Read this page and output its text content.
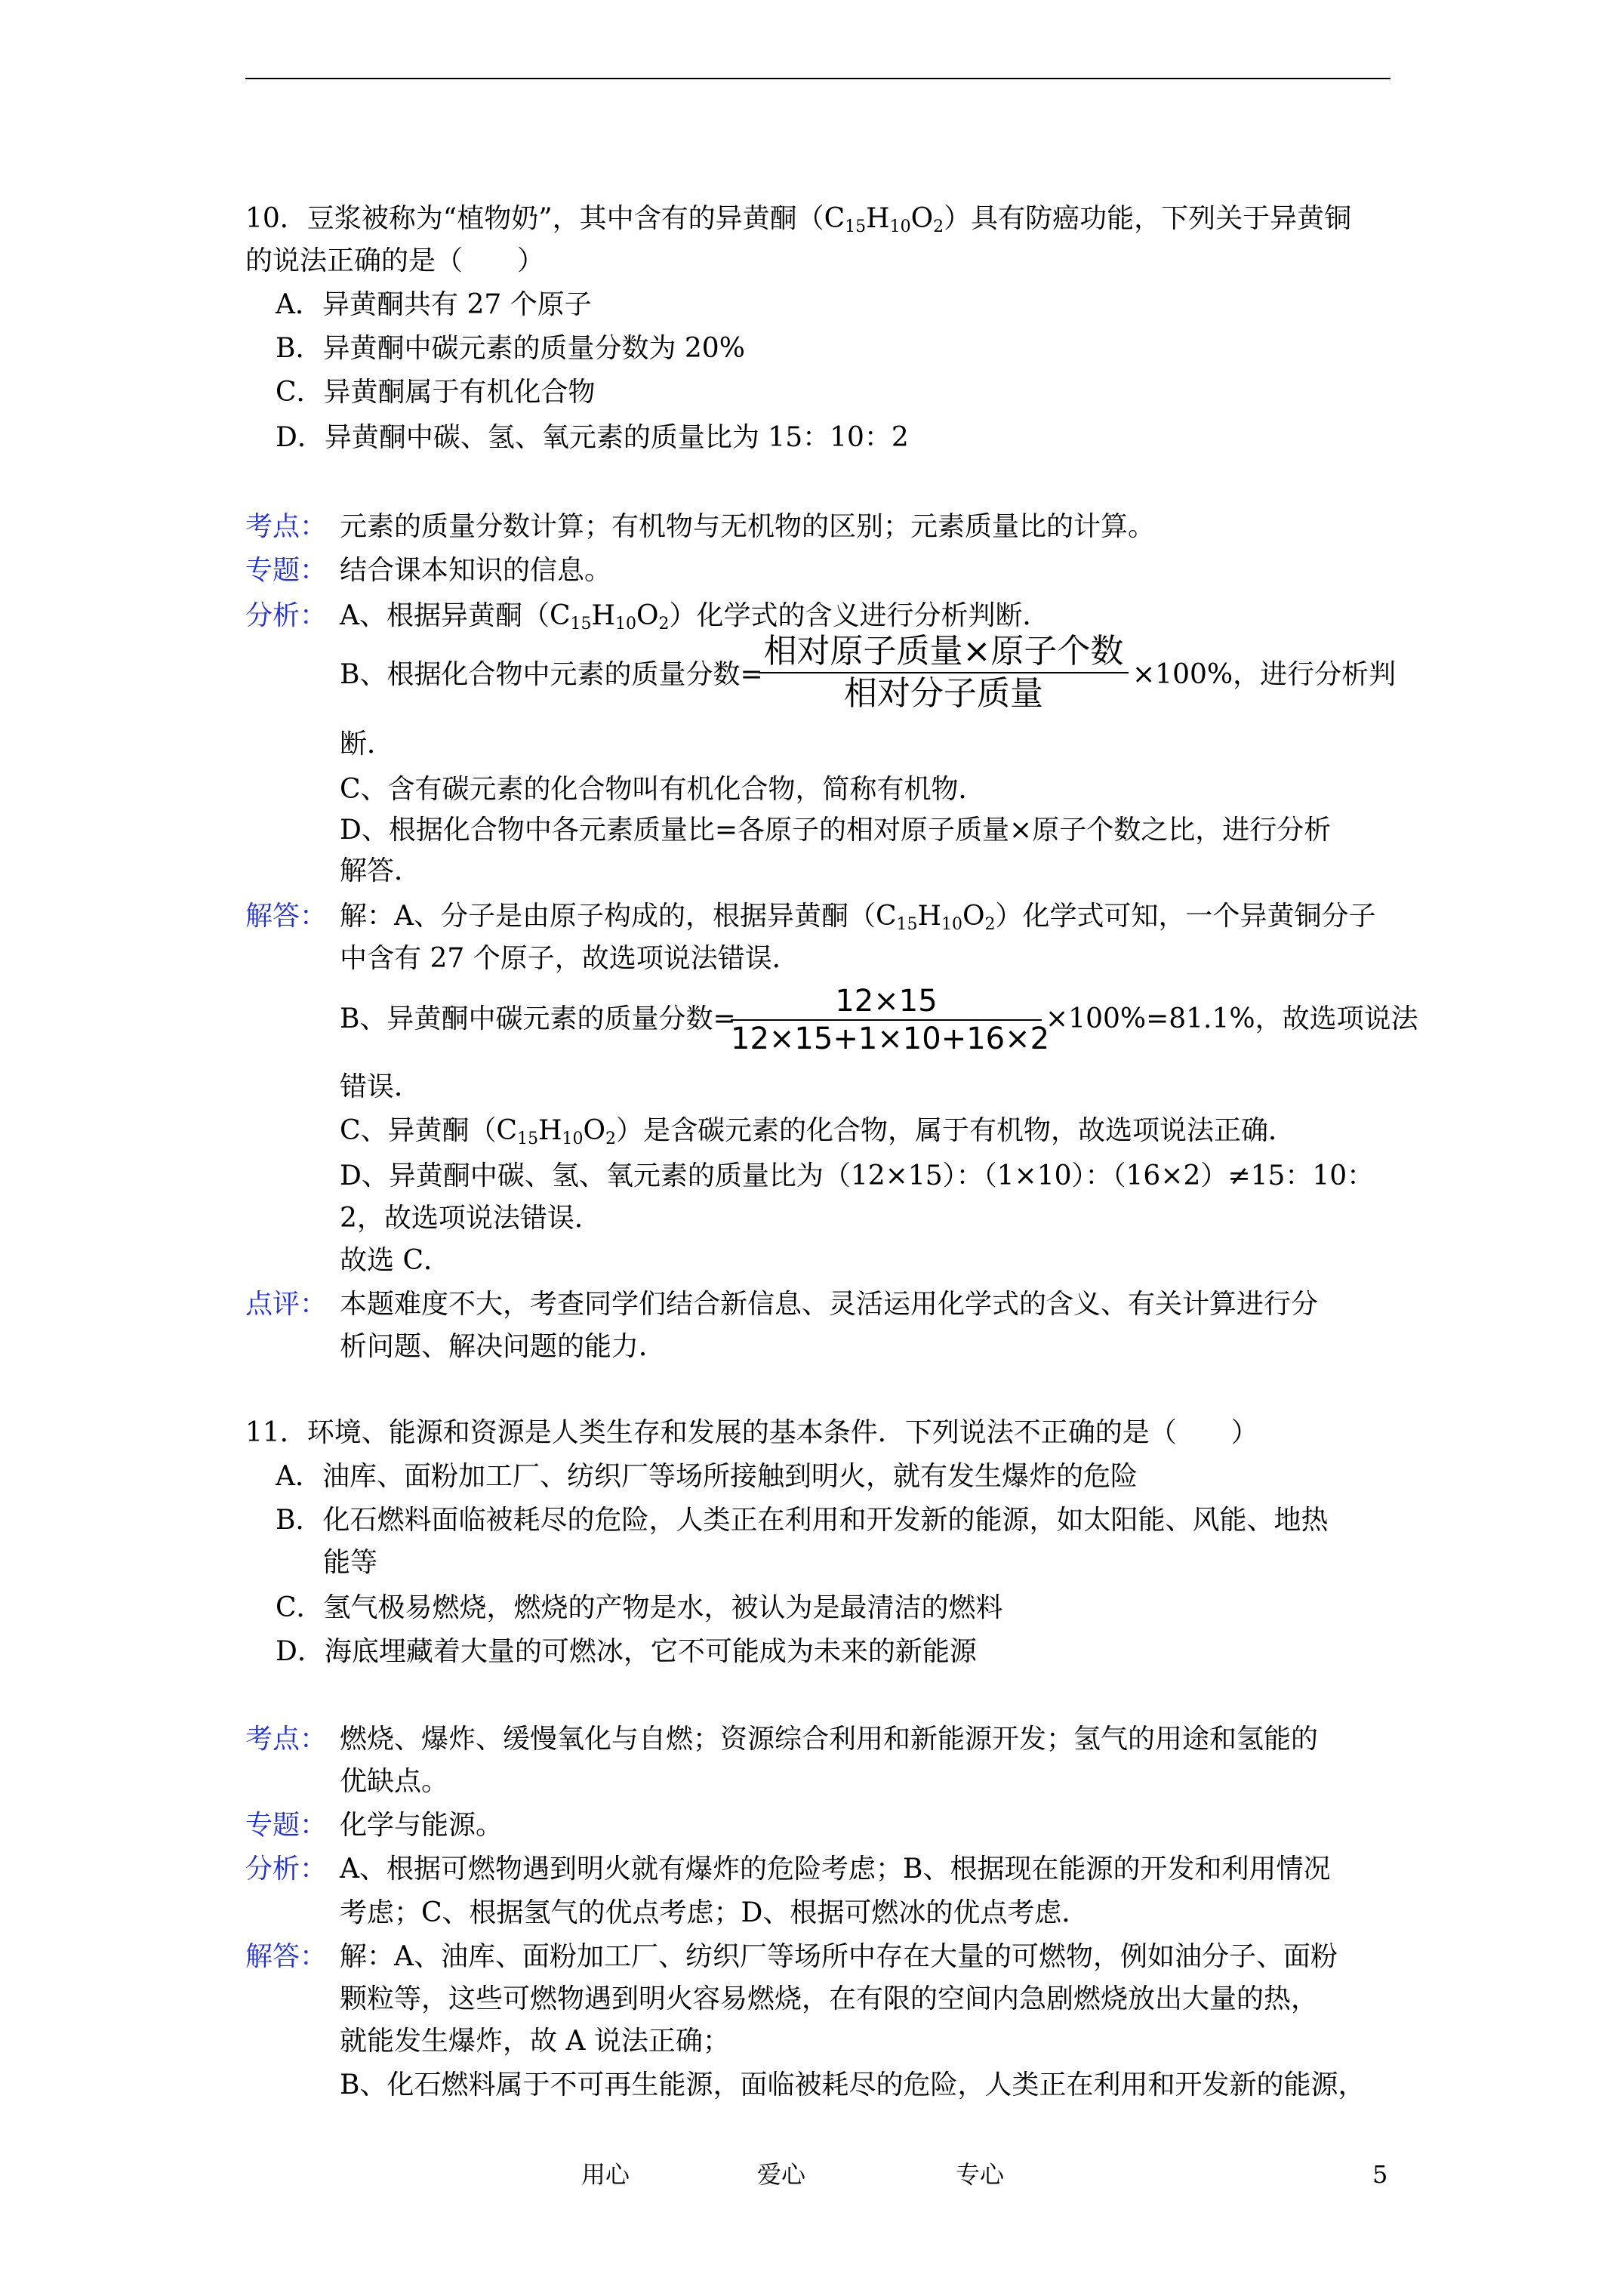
10．豆浆被称为“植物奶”，其中含有的异黄酮$(C_{15}H_{10}O_2)$具有防癌功能，下列关于异黄铜
的说法正确的是（　　）
A．异黄酮共有 27 个原子
B．异黄酮中碳元素的质量分数为 20%
C．异黄酮属于有机化合物
D．异黄酮中碳、氢、氧元素的质量比为 15：10：2
考点： 元素的质量分数计算；有机物与无机物的区别；元素质量比的计算。
专题： 结合课本知识的信息。
分析： A、根据异黄酮$(C_{15}H_{10}O_2)$化学式的含义进行分析判断．
B、根据化合物中元素的质量分数=
相对原子质量×原子个数
相对分子质量	×100%，进行分析判
断．
C、含有碳元素的化合物叫有机化合物，简称有机物．
D、根据化合物中各元素质量比=各原子的相对原子质量×原子个数之比，进行分析
解答．
解答： 解：A、分子是由原子构成的，根据异黄酮$(C_{15}H_{10}O_2)$化学式可知，一个异黄铜分子
中含有 27 个原子，故选项说法错误．
B、异黄酮中碳元素的质量分数=
12×15
12×15+1×10+16×2
×100%=81.1%，故选项说法
错误．
C、异黄酮$(C_{15}H_{10}O_2)$是含碳元素的化合物，属于有机物，故选项说法正确．
D、异黄酮中碳、氢、氧元素的质量比为（12×15）：（1×10）：（16×2）≠15：10：
2，故选项说法错误．
故选 C．
点评： 本题难度不大，考查同学们结合新信息、灵活运用化学式的含义、有关计算进行分
析问题、解决问题的能力．
11．环境、能源和资源是人类生存和发展的基本条件．下列说法不正确的是（　　）
A．油库、面粉加工厂、纺织厂等场所接触到明火，就有发生爆炸的危险
B．化石燃料面临被耗尽的危险，人类正在利用和开发新的能源，如太阳能、风能、地热
能等
C．氢气极易燃烧，燃烧的产物是水，被认为是最清洁的燃料
D．海底埋藏着大量的可燃冰，它不可能成为未来的新能源
考点： 燃烧、爆炸、缓慢氧化与自燃；资源综合利用和新能源开发；氢气的用途和氢能的
优缺点。
专题： 化学与能源。
分析： A、根据可燃物遇到明火就有爆炸的危险考虑；B、根据现在能源的开发和利用情况
考虑；C、根据氢气的优点考虑；D、根据可燃冰的优点考虑．
解答： 解：A、油库、面粉加工厂、纺织厂等场所中存在大量的可燃物，例如油分子、面粉
颗粒等，这些可燃物遇到明火容易燃烧，在有限的空间内急剧燃烧放出大量的热，
就能发生爆炸，故 A 说法正确；
B、化石燃料属于不可再生能源，面临被耗尽的危险，人类正在利用和开发新的能源，
用心	爱心	专心	5
